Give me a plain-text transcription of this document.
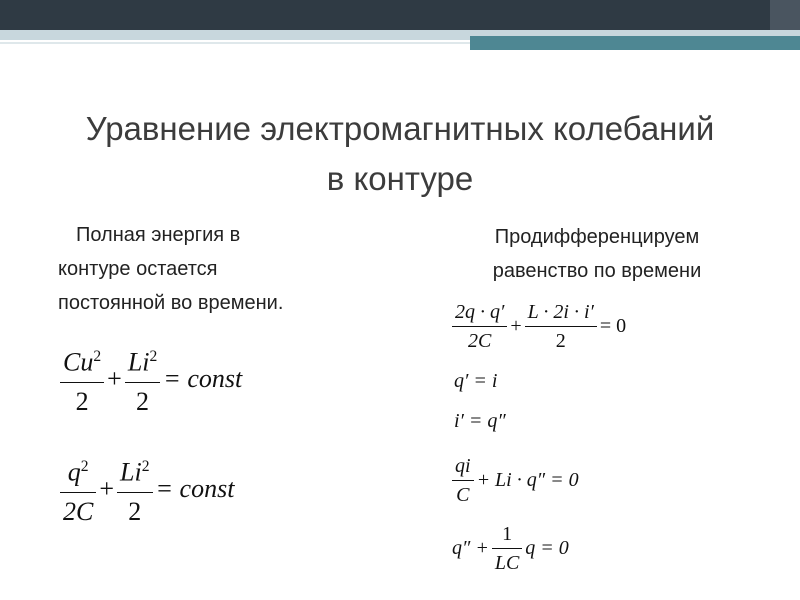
Уравнение электромагнитных колебаний
в контуре
Полная энергия в
контуре остается
постоянной во времени.
Продифференцируем
равенство по времени
$\frac{Cu^2}{2} + \frac{Li^2}{2}$ = const
$\frac{q^2}{2C} + \frac{Li^2}{2}$ = const
$\frac{2q \cdot q'}{2C} + \frac{L \cdot 2i \cdot i'}{2} = 0$
q′ = i
i′ = q″
$\frac{qi}{C} + Li \cdot q'' = 0$
$q'' + \frac{1}{LC}$ q = 0
